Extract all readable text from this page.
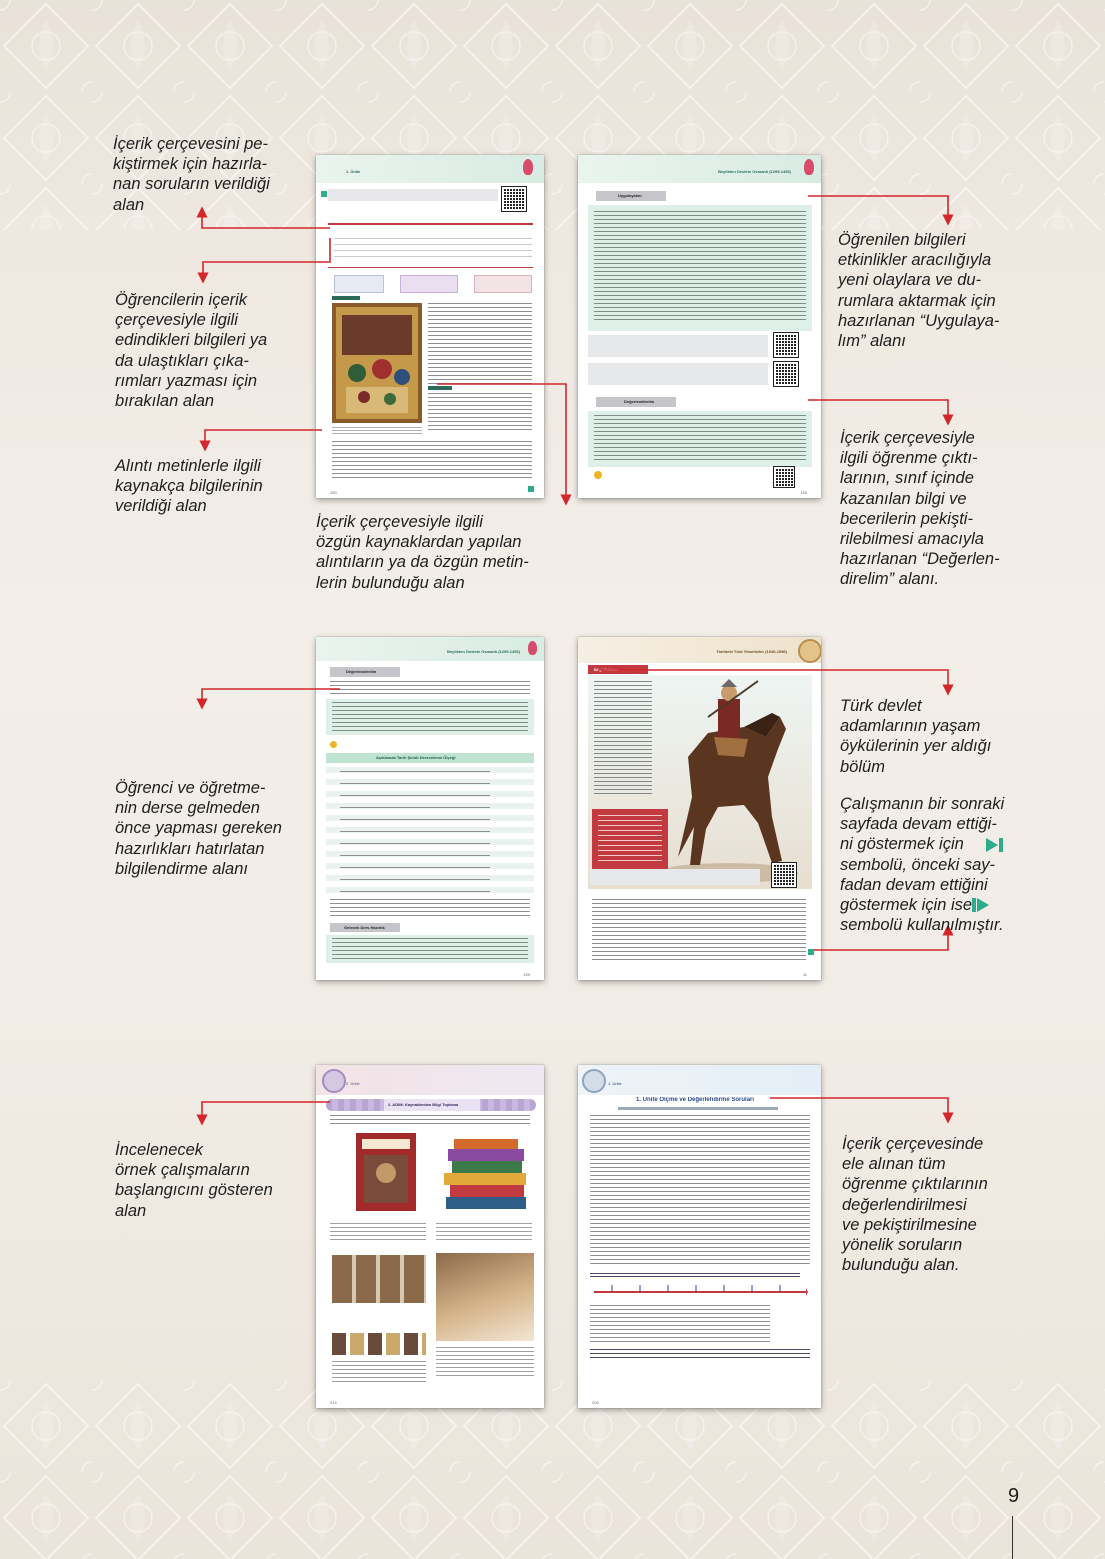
1. Ünite
150
Beylikten Devlete Osmanlı (1299-1453)
Uygulayalım
Değerlendirelim
155
Beylikten Devlete Osmanlı (1299-1453)
Değerlendirelim
Açıklamalı Tarih Şeridi Dereceleme Ölçeği
Gelecek Ders Hazırlık
159
Tarihteki Türk Yöneticiler (1040-1096)
Bilgi Kutusu
11
2. Ünite
2. ADIM: Kaynaklardan Bilgi Toplama
214
1. Ünite
1. Ünite Ölçme ve Değerlendirme Soruları
200

İçerik çerçevesini pe-
kiştirmek için hazırla-
nan soruların verildiği
alan

Öğrencilerin içerik
çerçevesiyle ilgili
edindikleri bilgileri ya
da ulaştıkları çıka-
rımları yazması için
bırakılan alan

Alıntı metinlerle ilgili
kaynakça bilgilerinin
verildiği alan

İçerik çerçevesiyle ilgili
özgün kaynaklardan yapılan
alıntıların ya da özgün metin-
lerin bulunduğu alan

Öğrenilen bilgileri
etkinlikler aracılığıyla
yeni olaylara ve du-
rumlara aktarmak için
hazırlanan “Uygulaya-
lım” alanı

İçerik çerçevesiyle
ilgili öğrenme çıktı-
larının, sınıf içinde
kazanılan bilgi ve
becerilerin pekişti-
rilebilmesi amacıyla
hazırlanan “Değerlen-
direlim” alanı.

Öğrenci ve öğretme-
nin derse gelmeden
önce yapması gereken
hazırlıkları hatırlatan
bilgilendirme alanı

Türk devlet
adamlarının yaşam
öykülerinin yer aldığı
bölüm

Çalışmanın bir sonraki
sayfada devam ettiği-
ni göstermek için

sembolü, önceki say-
fadan devam ettiğini
göstermek için ise

sembolü kullanılmıştır.

İncelenecek
örnek çalışmaların
başlangıcını gösteren
alan

İçerik çerçevesinde
ele alınan tüm
öğrenme çıktılarının
değerlendirilmesi
ve pekiştirilmesine
yönelik soruların
bulunduğu alan.

9
